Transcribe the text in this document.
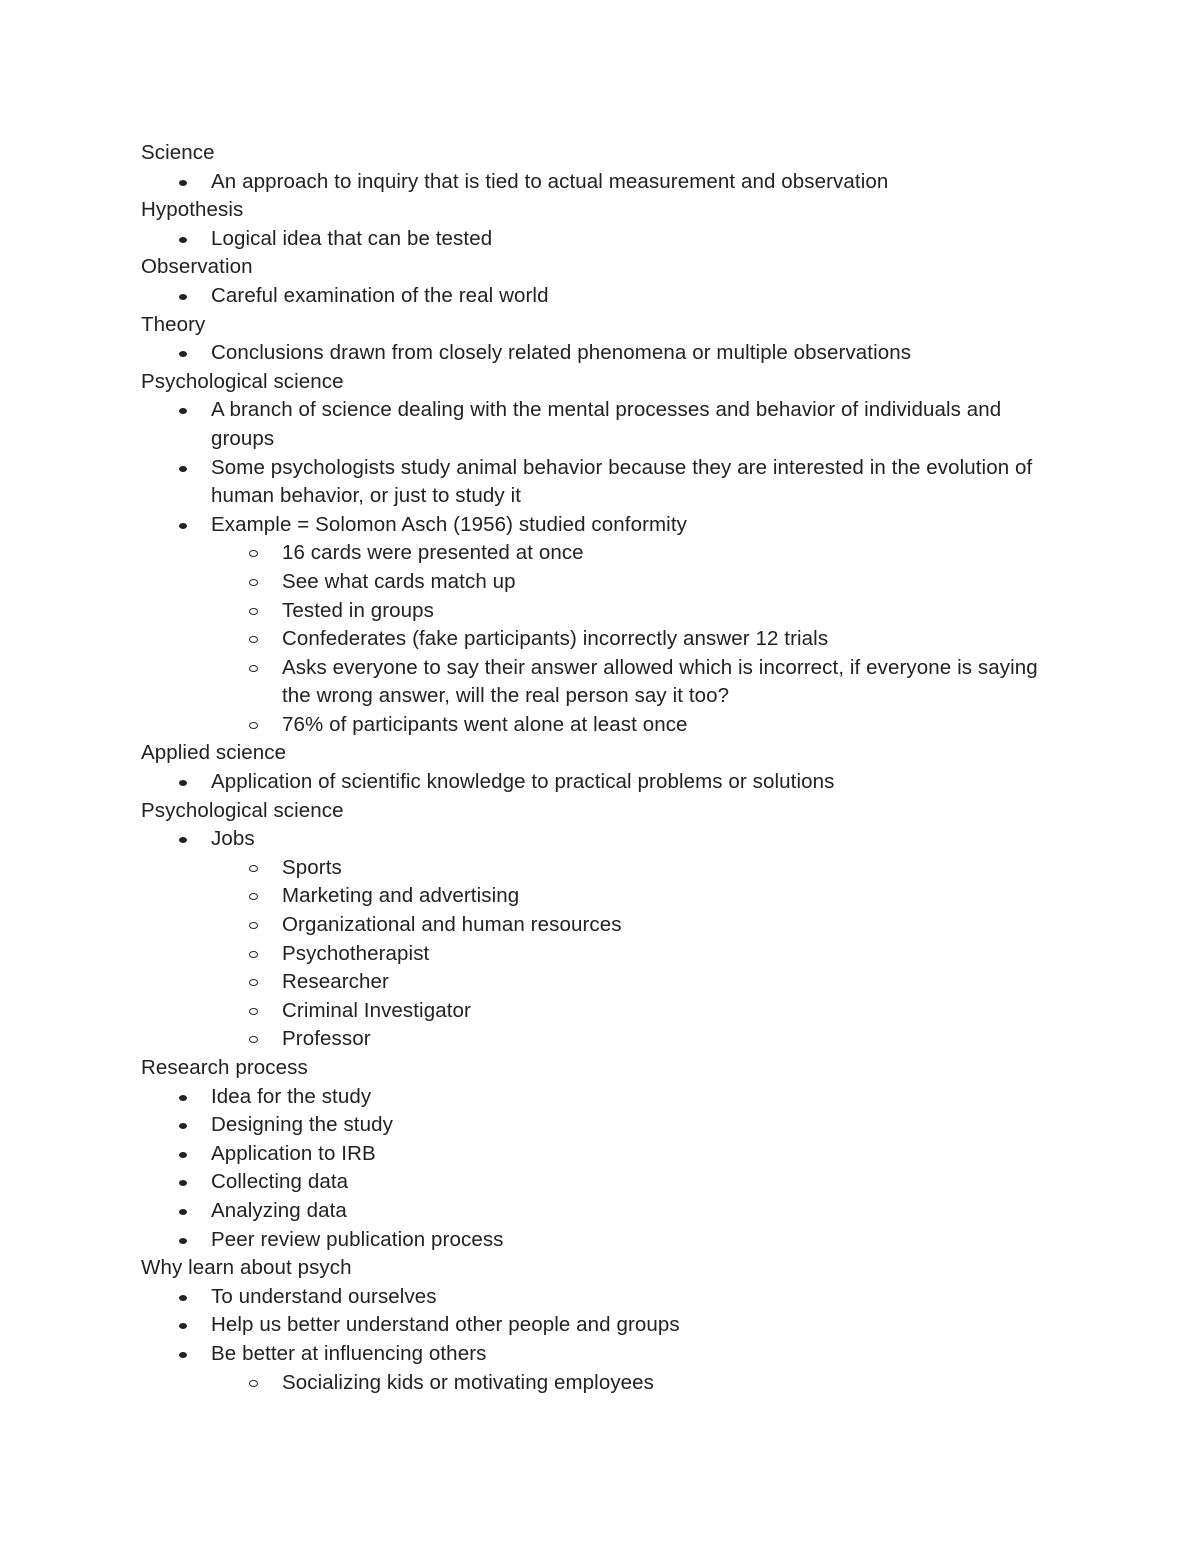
Science
An approach to inquiry that is tied to actual measurement and observation
Hypothesis
Logical idea that can be tested
Observation
Careful examination of the real world
Theory
Conclusions drawn from closely related phenomena or multiple observations
Psychological science
A branch of science dealing with the mental processes and behavior of individuals and groups
Some psychologists study animal behavior because they are interested in the evolution of human behavior, or just to study it
Example = Solomon Asch (1956) studied conformity
16 cards were presented at once
See what cards match up
Tested in groups
Confederates (fake participants) incorrectly answer 12 trials
Asks everyone to say their answer allowed which is incorrect, if everyone is saying the wrong answer, will the real person say it too?
76% of participants went alone at least once
Applied science
Application of scientific knowledge to practical problems or solutions
Psychological science
Jobs
Sports
Marketing and advertising
Organizational and human resources
Psychotherapist
Researcher
Criminal Investigator
Professor
Research process
Idea for the study
Designing the study
Application to IRB
Collecting data
Analyzing data
Peer review publication process
Why learn about psych
To understand ourselves
Help us better understand other people and groups
Be better at influencing others
Socializing kids or motivating employees
